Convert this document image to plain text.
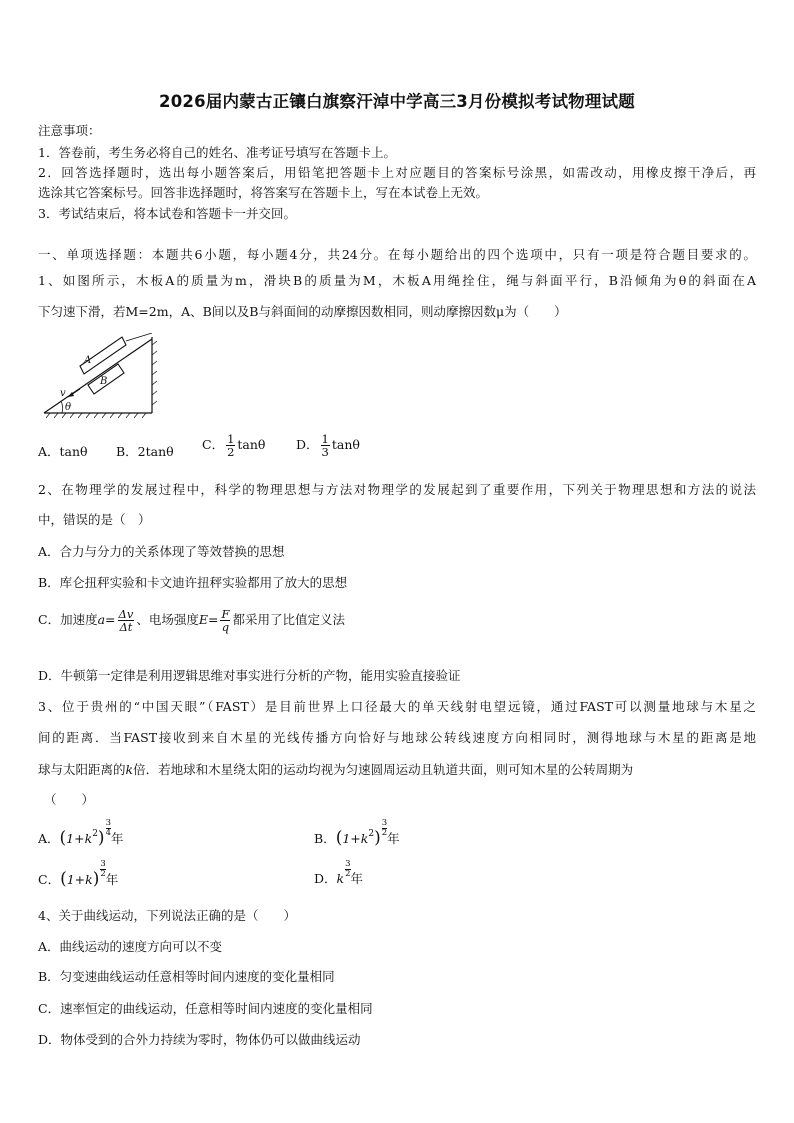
2026届内蒙古正镶白旗察汗淖中学高三3月份模拟考试物理试题
注意事项：
1．答卷前，考生务必将自己的姓名、准考证号填写在答题卡上。
2．回答选择题时，选出每小题答案后，用铅笔把答题卡上对应题目的答案标号涂黑，如需改动，用橡皮擦干净后，再
选涂其它答案标号。回答非选择题时，将答案写在答题卡上，写在本试卷上无效。
3．考试结束后，将本试卷和答题卡一并交回。
一、单项选择题：本题共6小题，每小题4分，共24分。在每小题给出的四个选项中，只有一项是符合题目要求的。
1、如图所示，木板A的质量为m，滑块B的质量为M，木板A用绳拴住，绳与斜面平行，B沿倾角为θ的斜面在A
下匀速下滑，若M=2m，A、B间以及B与斜面间的动摩擦因数相同，则动摩擦因数μ为（　　）
A
B
v
θ
A．tanθ B．2tanθ C． $\frac{1}{2}$ tanθ D． $\frac{1}{3}$ tanθ
2、在物理学的发展过程中，科学的物理思想与方法对物理学的发展起到了重要作用，下列关于物理思想和方法的说法
中，错误的是（　）
A．合力与分力的关系体现了等效替换的思想
B．库仑扭秤实验和卡文迪许扭秤实验都用了放大的思想
C．加速度$a= \frac{\Delta v}{\Delta t}$ 、电场强度$E= \frac{F}{q}$ 都采用了比值定义法
D．牛顿第一定律是利用逻辑思维对事实进行分析的产物，能用实验直接验证
3、位于贵州的“中国天眼”（FAST）是目前世界上口径最大的单天线射电望远镜，通过FAST可以测量地球与木星之
间的距离．当FAST接收到来自木星的光线传播方向恰好与地球公转线速度方向相同时，测得地球与木星的距离是地
球与太阳距离的k倍．若地球和木星绕太阳的运动均视为匀速圆周运动且轨道共面，则可知木星的公转周期为
（　　）
A．$(1+k^2) \frac{3}{4}$
年	B．$(1+k^2) \frac{3}{2}$
年
C．$(1+k) \frac{3}{2}$
年	D．k
$\frac{3}{2}$
年
4、关于曲线运动，下列说法正确的是（　　）
A．曲线运动的速度方向可以不变
B．匀变速曲线运动任意相等时间内速度的变化量相同
C．速率恒定的曲线运动，任意相等时间内速度的变化量相同
D．物体受到的合外力持续为零时，物体仍可以做曲线运动
